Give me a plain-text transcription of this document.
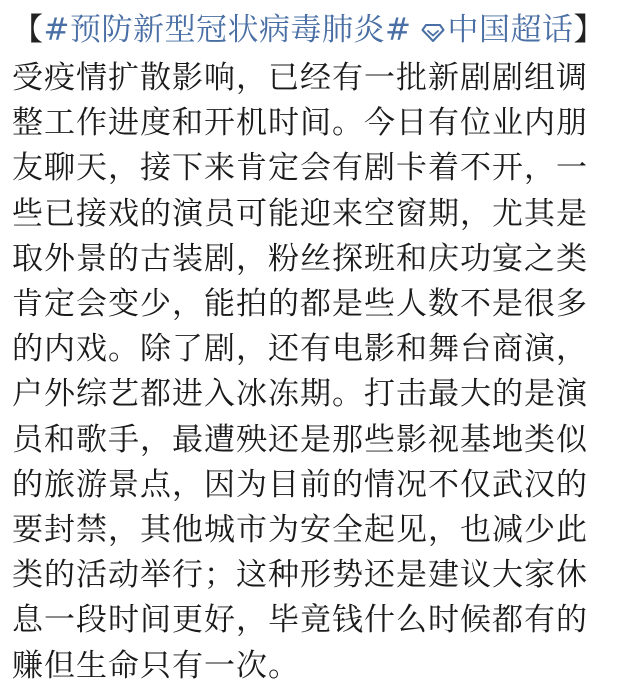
【#预防新型冠状病毒肺炎# 中国超话】
受疫情扩散影响，已经有一批新剧剧组调
整工作进度和开机时间。今日有位业内朋
友聊天，接下来肯定会有剧卡着不开，一
些已接戏的演员可能迎来空窗期，尤其是
取外景的古装剧，粉丝探班和庆功宴之类
肯定会变少，能拍的都是些人数不是很多
的内戏。除了剧，还有电影和舞台商演，
户外综艺都进入冰冻期。打击最大的是演
员和歌手，最遭殃还是那些影视基地类似
的旅游景点，因为目前的情况不仅武汉的
要封禁，其他城市为安全起见，也减少此
类的活动举行；这种形势还是建议大家休
息一段时间更好，毕竟钱什么时候都有的
赚但生命只有一次。
